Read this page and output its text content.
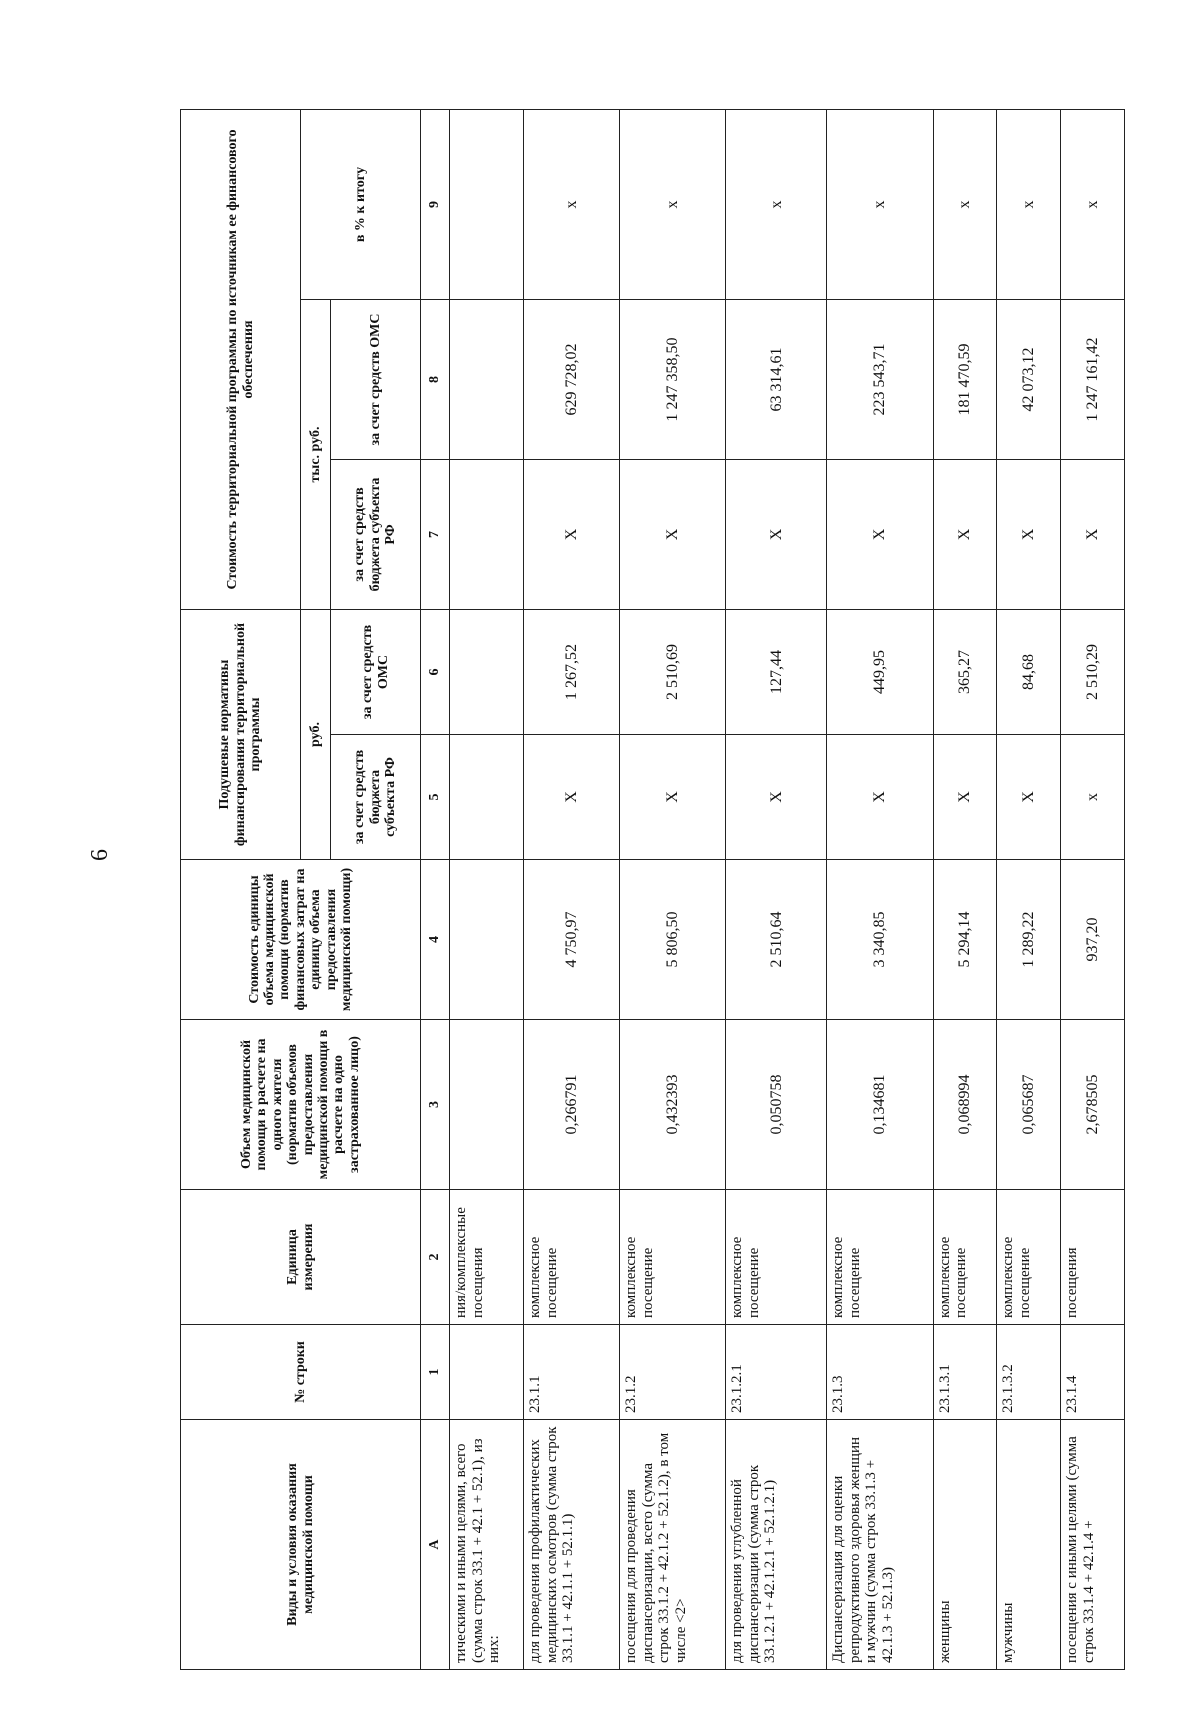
6
Виды и условия оказания медицинской помощи	№ строки	Единица измерения	Объем медицинской помощи в расчете на одного жителя (норматив объемов предоставления медицинской помощи в расчете на одно застрахованное лицо)	Стоимость единицы объема медицинской помощи (норматив финансовых затрат на единицу объема предоставления медицинской помощи)	Подушевые нормативы финансирования территориальной программы		Стоимость территориальной программы по источникам ее финансового обеспечения		
					руб.		тыс. руб.		в % к итогу
					за счет средств бюджета субъекта РФ	за счет средств ОМС	за счет средств бюджета субъекта РФ	за счет средств ОМС	
А	1	2	3	4	5	6	7	8	9
тическими и иными целями, всего (сумма строк 33.1 + 42.1 + 52.1), из них:		ния/комплексные посещения							
для проведения профилактических медицинских осмотров (сумма строк 33.1.1 + 42.1.1 + 52.1.1)	23.1.1	комплексное посещение	0,266791	4 750,97	Х	1 267,52	Х	629 728,02	х
посещения для проведения диспансеризации, всего (сумма строк 33.1.2 + 42.1.2 + 52.1.2), в том числе <2>	23.1.2	комплексное посещение	0,432393	5 806,50	Х	2 510,69	Х	1 247 358,50	х
для проведения углубленной диспансеризации (сумма строк 33.1.2.1 + 42.1.2.1 + 52.1.2.1)	23.1.2.1	комплексное посещение	0,050758	2 510,64	Х	127,44	Х	63 314,61	х
Диспансеризация для оценки репродуктивного здоровья женщин и мужчин (сумма строк 33.1.3 + 42.1.3 + 52.1.3)	23.1.3	комплексное посещение	0,134681	3 340,85	Х	449,95	Х	223 543,71	х
женщины	23.1.3.1	комплексное посещение	0,068994	5 294,14	Х	365,27	Х	181 470,59	х
мужчины	23.1.3.2	комплексное посещение	0,065687	1 289,22	Х	84,68	Х	42 073,12	х
посещения с иными целями (сумма строк 33.1.4 + 42.1.4 +	23.1.4	посещения	2,678505	937,20	х	2 510,29	Х	1 247 161,42	х
